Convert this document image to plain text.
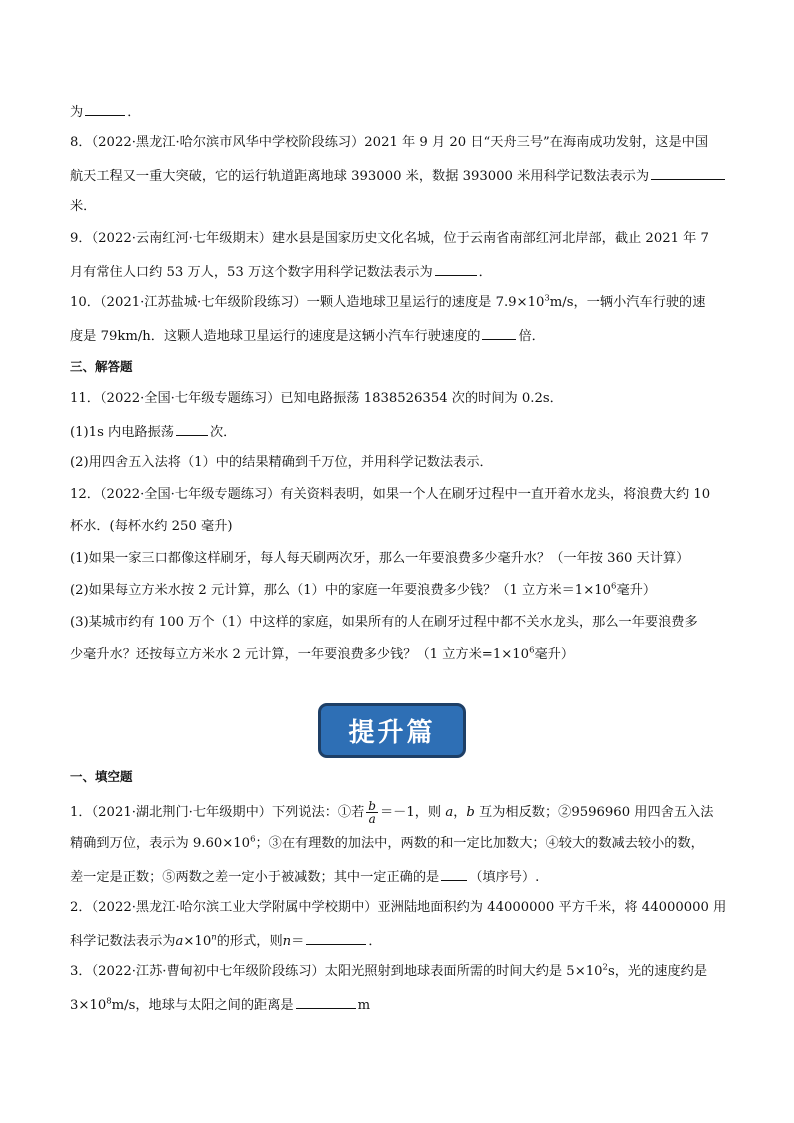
为	．
8．（2022·黑龙江·哈尔滨市风华中学校阶段练习）2021 年 9 月 20 日“天舟三号”在海南成功发射，这是中国
航天工程又一重大突破，它的运行轨道距离地球 393000 米，数据 393000 米用科学记数法表示为
米．
9．（2022·云南红河·七年级期末）建水县是国家历史文化名城，位于云南省南部红河北岸部，截止 2021 年 7
月有常住人口约 53 万人，53 万这个数字用科学记数法表示为	．
10．（2021·江苏盐城·七年级阶段练习）一颗人造地球卫星运行的速度是 $7.9\times 10^3m/s$，一辆小汽车行驶的速
度是 79km/h．这颗人造地球卫星运行的速度是这辆小汽车行驶速度的	倍．
三、解答题
11．（2022·全国·七年级专题练习）已知电路振荡 1838526354 次的时间为 0.2s．
(1)1s 内电路振荡	次．
(2)用四舍五入法将（1）中的结果精确到千万位，并用科学记数法表示．
12．（2022·全国·七年级专题练习）有关资料表明，如果一个人在刷牙过程中一直开着水龙头，将浪费大约 10
杯水．(每杯水约 250 毫升)
(1)如果一家三口都像这样刷牙，每人每天刷两次牙，那么一年要浪费多少毫升水？（一年按 360 天计算）
(2)如果每立方米水按 2 元计算，那么（1）中的家庭一年要浪费多少钱？（1 立方米$=1\times 10^6$毫升）
(3)某城市约有 100 万个（1）中这样的家庭，如果所有的人在刷牙过程中都不关水龙头，那么一年要浪费多
少毫升水？还按每立方米水 2 元计算，一年要浪费多少钱？（1 立方米$=1\times 10^6$毫升）
提升篇
一、填空题
1．（2021·湖北荆门·七年级期中）下列说法：①若 $\frac{b}{a} =-1$，则 a，b 互为相反数；②9596960 用四舍五入法
精确到万位，表示为 $9.60\times 10^6$；③在有理数的加法中，两数的和一定比加数大；④较大的数减去较小的数，
差一定是正数；⑤两数之差一定小于被减数；其中一定正确的是 （填序号）.
2．（2022·黑龙江·哈尔滨工业大学附属中学校期中）亚洲陆地面积约为 44000000 平方千米，将 44000000 用
科学记数法表示为$a\times 10^n$的形式，则n＝	．
3．（2022·江苏·曹甸初中七年级阶段练习）太阳光照射到地球表面所需的时间大约是 $5\times 10^2s$，光的速度约是
$3\times 10^8m/s$，地球与太阳之间的距离是	m
